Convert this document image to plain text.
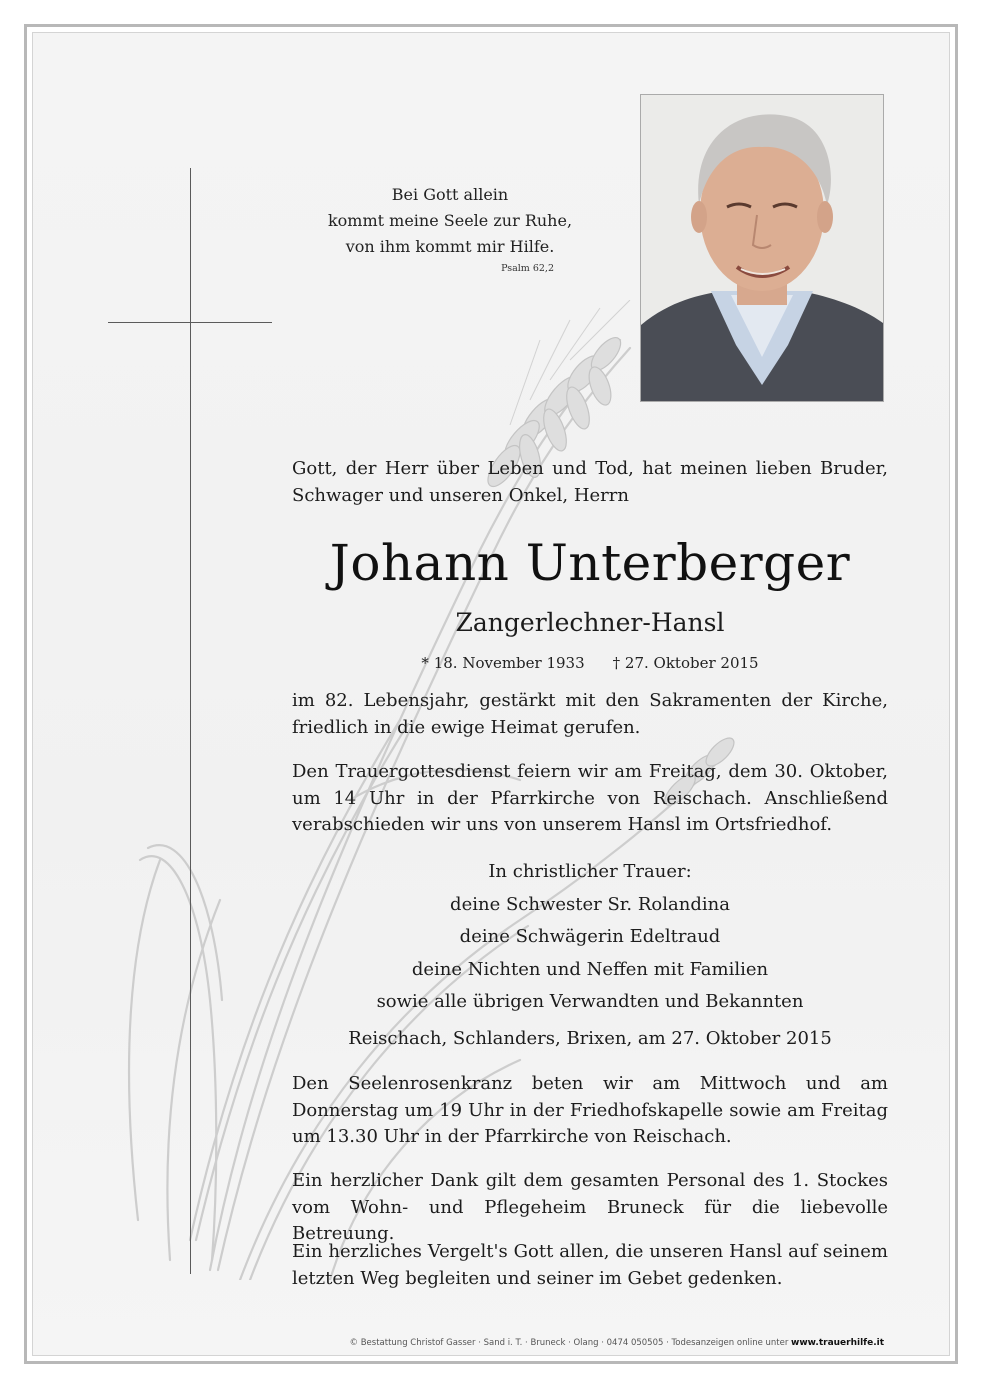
Bei Gott allein
kommt meine Seele zur Ruhe,
von ihm kommt mir Hilfe.
Psalm 62,2
Gott, der Herr über Leben und Tod, hat meinen lieben Bruder, Schwager und unseren Onkel, Herrn
Johann Unterberger
Zangerlechner-Hansl
* 18. November 1933 † 27. Oktober 2015
im 82. Lebensjahr, gestärkt mit den Sakramenten der Kirche, friedlich in die ewige Heimat gerufen.
Den Trauergottesdienst feiern wir am Freitag, dem 30. Oktober, um 14 Uhr in der Pfarrkirche von Reischach. Anschließend verabschieden wir uns von unserem Hansl im Ortsfriedhof.
In christlicher Trauer:
deine Schwester Sr. Rolandina
deine Schwägerin Edeltraud
deine Nichten und Neffen mit Familien
sowie alle übrigen Verwandten und Bekannten
Reischach, Schlanders, Brixen, am 27. Oktober 2015
Den Seelenrosenkranz beten wir am Mittwoch und am Donnerstag um 19 Uhr in der Friedhofskapelle sowie am Freitag um 13.30 Uhr in der Pfarrkirche von Reischach.
Ein herzlicher Dank gilt dem gesamten Personal des 1. Stockes vom Wohn- und Pflegeheim Bruneck für die liebevolle Betreuung.
Ein herzliches Vergelt's Gott allen, die unseren Hansl auf seinem letzten Weg begleiten und seiner im Gebet gedenken.
© Bestattung Christof Gasser · Sand i. T. · Bruneck · Olang · 0474 050505 · Todesanzeigen online unter www.trauerhilfe.it
